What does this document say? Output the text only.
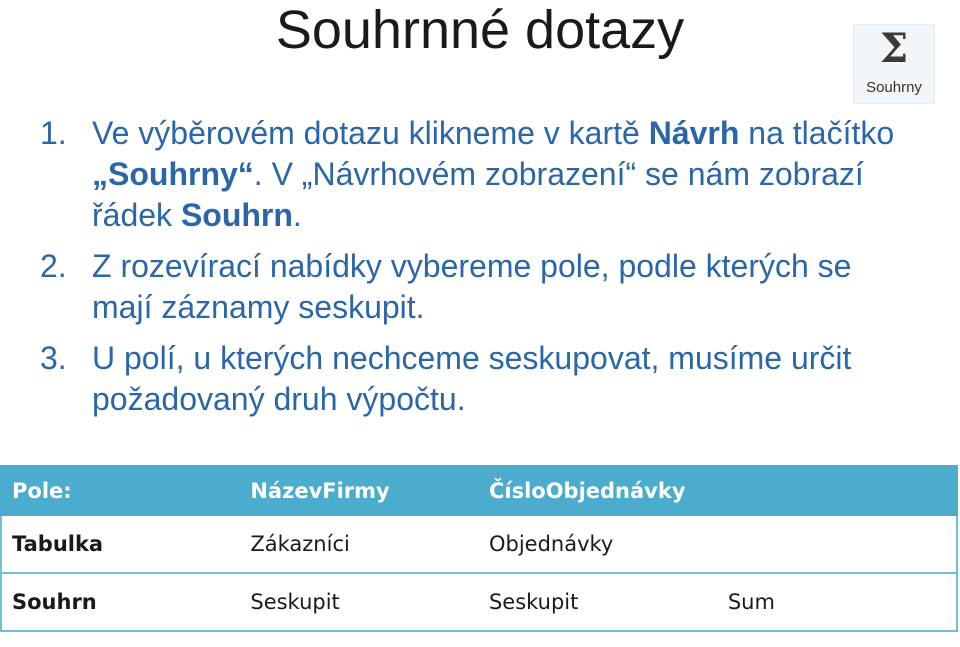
Souhrnné dotazy	Σ
Souhrny
1. Ve výběrovém dotazu klikneme v kartě Návrh na tlačítko „Souhrny“. V „Návrhovém zobrazení“ se nám zobrazí řádek Souhrn.
2. Z rozevírací nabídky vybereme pole, podle kterých se mají záznamy seskupit.
3. U polí, u kterých nechceme seskupovat, musíme určit požadovaný druh výpočtu.
Pole:	NázevFirmy	ČísloObjednávky	
Tabulka	Zákazníci	Objednávky	
Souhrn	Seskupit	Seskupit	Sum
